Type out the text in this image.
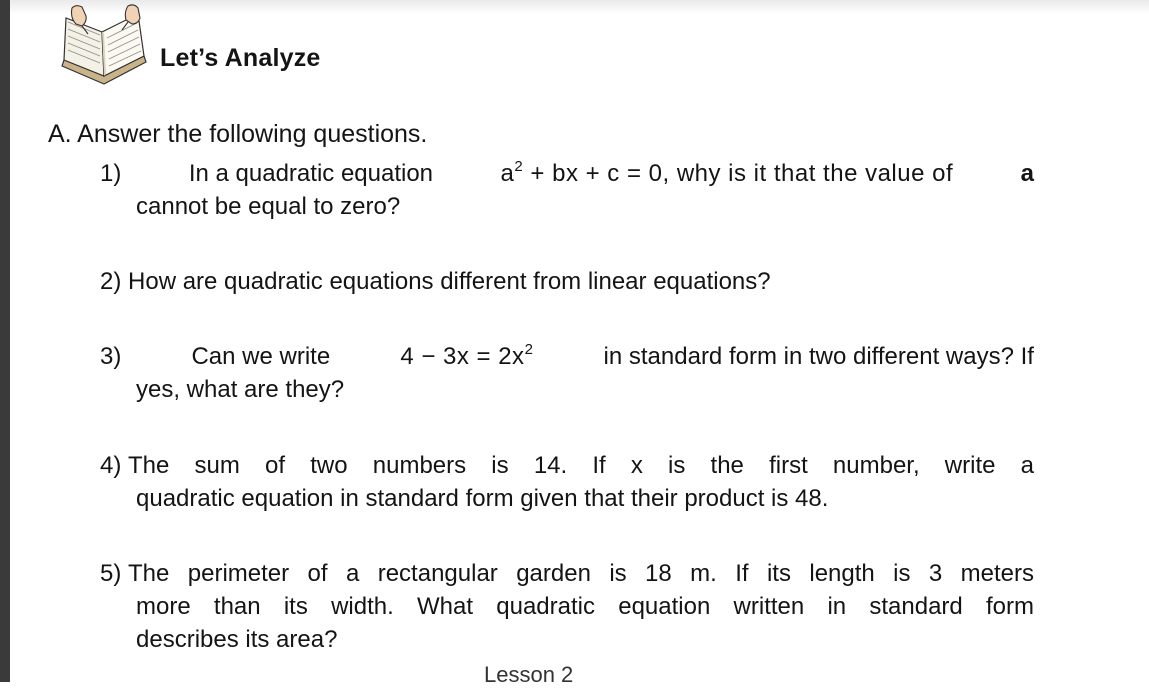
Let’s Analyze
A. Answer the following questions.
1)	In a quadratic equation	$a^2$ + bx + c = 0, why is it that the value of	a
cannot be equal to zero?
2)
How are quadratic equations different from linear equations?
3)	Can we write	$4 - 3x = 2x^2$	in standard form in two different ways? If
yes, what are they?
4)
The sum of two numbers is 14. If x is the first number, write a
quadratic equation in standard form given that their product is 48.
5)
The perimeter of a rectangular garden is 18 m. If its length is 3 meters
more than its width. What quadratic equation written in standard form
describes its area?
Lesson 2
